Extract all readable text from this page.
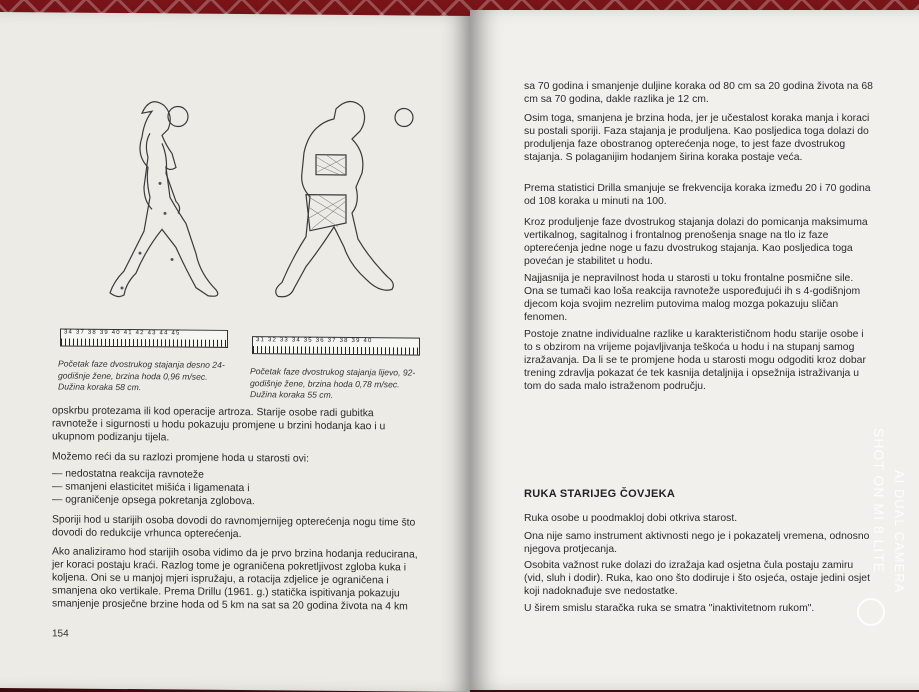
34 37 38 39 40 41 42 43 44 45
Početak faze dvostrukog stajanja desno 24-godišnje žene, brzina hoda 0,96 m/sec. Dužina koraka 58 cm.
31 32 33 34 35 36 37 38 39 40
Početak faze dvostrukog stajanja lijevo, 92-godišnje žene, brzina hoda 0,78 m/sec. Dužina koraka 55 cm.

opskrbu protezama ili kod operacije artroza. Starije osobe radi gubitka ravnoteže i sigurnosti u hodu pokazuju promjene u brzini hodanja kao i u ukupnom podizanju tijela.

Možemo reći da su razlozi promjene hoda u starosti ovi:

— nedostatna reakcija ravnoteže
— smanjeni elasticitet mišića i ligamenata i
— ograničenje opsega pokretanja zglobova.

Sporiji hod u starijih osoba dovodi do ravnomjernijeg opterećenja nogu time što dovodi do redukcije vrhunca opterećenja.

Ako analiziramo hod starijih osoba vidimo da je prvo brzina hodanja reducirana, jer koraci postaju kraći. Razlog tome je ograničena pokretljivost zgloba kuka i koljena. Oni se u manjoj mjeri ispružaju, a rotacija zdjelice je ograničena i smanjena oko vertikale. Prema Drillu (1961. g.) statička ispitivanja pokazuju smanjenje prosječne brzine hoda od 5 km na sat sa 20 godina života na 4 km

154

sa 70 godina i smanjenje duljine koraka od 80 cm sa 20 godina života na 68 cm sa 70 godina, dakle razlika je 12 cm.

Osim toga, smanjena je brzina hoda, jer je učestalost koraka manja i koraci su postali sporiji. Faza stajanja je produljena. Kao posljedica toga dolazi do produljenja faze obostranog opterećenja noge, to jest faze dvostrukog stajanja. S polaganijim hodanjem širina koraka postaje veća.

Prema statistici Drilla smanjuje se frekvencija koraka između 20 i 70 godina od 108 koraka u minuti na 100.

Kroz produljenje faze dvostrukog stajanja dolazi do pomicanja maksimuma vertikalnog, sagitalnog i frontalnog prenošenja snage na tlo iz faze opterećenja jedne noge u fazu dvostrukog stajanja. Kao posljedica toga povećan je stabilitet u hodu.

Najjasnija je nepravilnost hoda u starosti u toku frontalne posmične sile. Ona se tumači kao loša reakcija ravnoteže uspoređujući ih s 4-godišnjom djecom koja svojim nezrelim putovima malog mozga pokazuju sličan fenomen.

Postoje znatne individualne razlike u karakterističnom hodu starije osobe i to s obzirom na vrijeme pojavljivanja teškoća u hodu i na stupanj samog izražavanja. Da li se te promjene hoda u starosti mogu odgoditi kroz dobar trening zdravlja pokazat će tek kasnija detaljnija i opsežnija istraživanja u tom do sada malo istraženom području.

RUKA STARIJEG ČOVJEKA

Ruka osobe u poodmakloj dobi otkriva starost.

Ona nije samo instrument aktivnosti nego je i pokazatelj vremena, odnosno njegova protjecanja.

Osobita važnost ruke dolazi do izražaja kad osjetna čula postaju zamiru (vid, sluh i dodir). Ruka, kao ono što dodiruje i što osjeća, ostaje jedini osjet koji nadoknađuje sve nedostatke.

U širem smislu staračka ruka se smatra "inaktivitetnom rukom".

SHOT ON MI 8 LITE AI DUAL CAMERA
